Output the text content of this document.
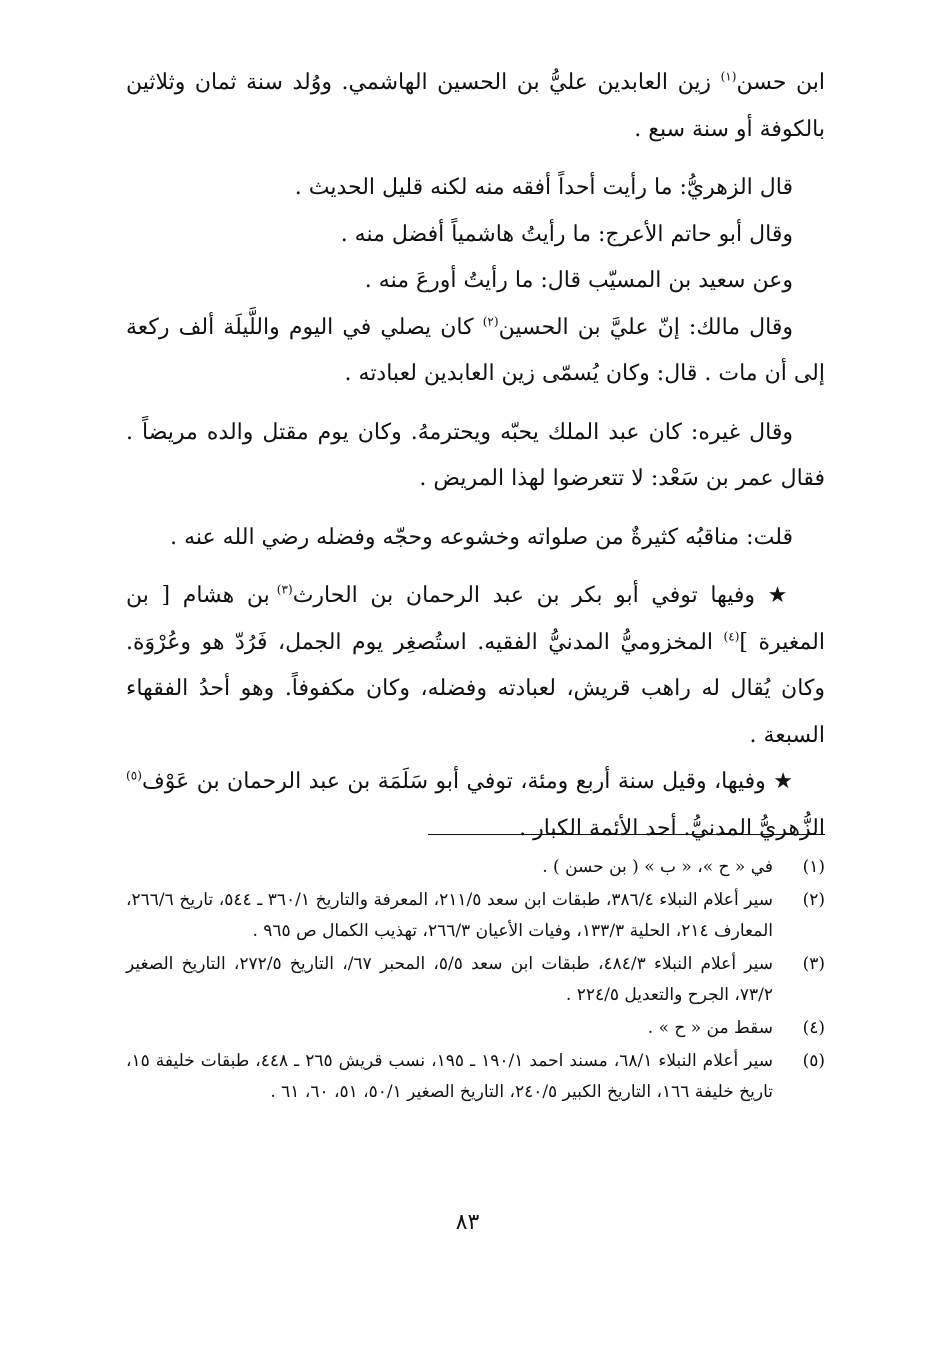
ابن حسن$^{(١)}$ زين العابدين عليُّ بن الحسين الهاشمي. ووُلد سنة ثمان وثلاثين بالكوفة أو سنة سبع .

قال الزهريُّ: ما رأيت أحداً أفقه منه لكنه قليل الحديث .

وقال أبو حاتم الأعرج: ما رأيتُ هاشمياً أفضل منه .

وعن سعيد بن المسيّب قال: ما رأيتُ أورعَ منه .

وقال مالك: إنّ عليَّ بن الحسين$^{(٢)}$ كان يصلي في اليوم واللَّيلَة ألف ركعة إلى أن مات . قال: وكان يُسمّى زين العابدين لعبادته .

وقال غيره: كان عبد الملك يحبّه ويحترمهُ. وكان يوم مقتل والده مريضاً . فقال عمر بن سَعْد: لا تتعرضوا لهذا المريض .

قلت: مناقبُه كثيرةٌ من صلواته وخشوعه وحجّه وفضله رضي الله عنه .

★ وفيها توفي أبو بكر بن عبد الرحمان بن الحارث$^{(٣)}$ بن هشام [ بن المغيرة ]$^{(٤)}$ المخزوميُّ المدنيُّ الفقيه. استُصغِر يوم الجمل، فَرُدّ هو وعُرْوَة. وكان يُقال له راهب قريش، لعبادته وفضله، وكان مكفوفاً. وهو أحدُ الفقهاء السبعة .

★ وفيها، وقيل سنة أربع ومئة، توفي أبو سَلَمَة بن عبد الرحمان بن عَوْف$^{(٥)}$ الزُّهريُّ المدنيُّ. أحد الأئمة الكبار .

(١)
في « ح »، « ب » ( بن حسن ) .
(٢)
سير أعلام النبلاء ٣٨٦/٤، طبقات ابن سعد ٢١١/٥، المعرفة والتاريخ ٣٦٠/١ ـ ٥٤٤، تاريخ ٢٦٦/٦، المعارف ٢١٤، الحلية ١٣٣/٣، وفيات الأعيان ٢٦٦/٣، تهذيب الكمال ص ٩٦٥ .
(٣)
سير أعلام النبلاء ٤٨٤/٣، طبقات ابن سعد ٥/٥، المحبر ٦٧/، التاريخ ٢٧٢/٥، التاريخ الصغير ٧٣/٢، الجرح والتعديل ٢٢٤/٥ .
(٤)
سقط من « ح » .
(٥)
سير أعلام النبلاء ٦٨/١، مسند احمد ١٩٠/١ ـ ١٩٥، نسب قريش ٢٦٥ ـ ٤٤٨، طبقات خليفة ١٥، تاريخ خليفة ١٦٦، التاريخ الكبير ٢٤٠/٥، التاريخ الصغير ٥٠/١، ٥١، ٦٠، ٦١ .
٨٣
